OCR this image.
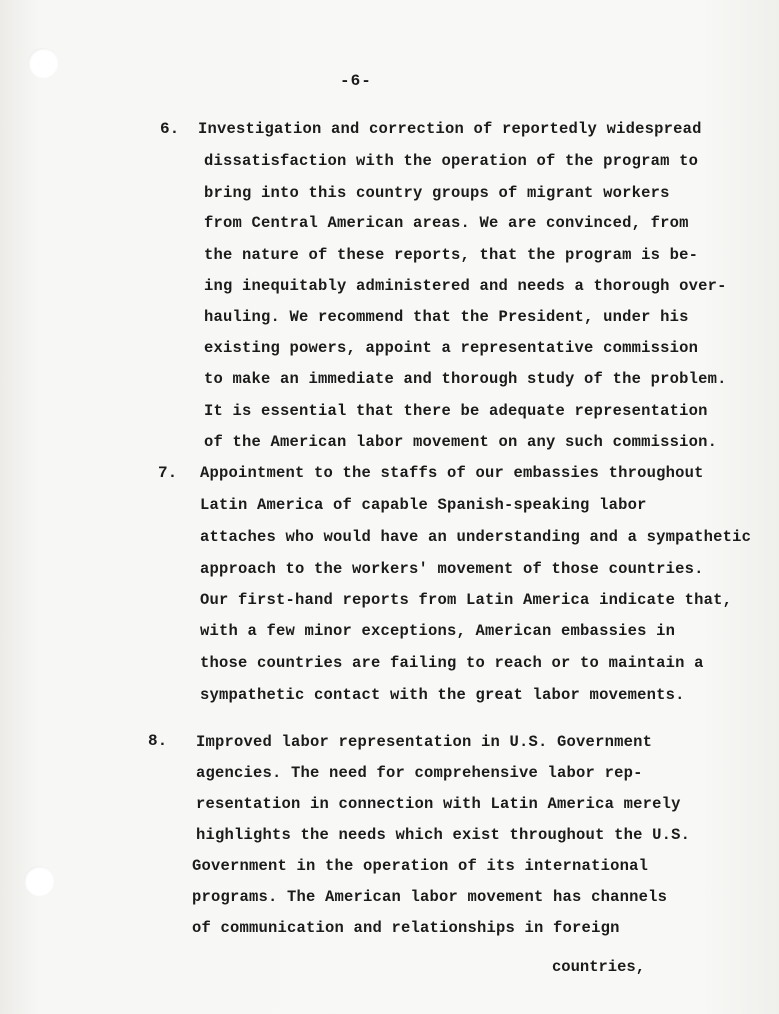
-6-
6. Investigation and correction of reportedly widespread
dissatisfaction with the operation of the program to
bring into this country groups of migrant workers
from Central American areas. We are convinced, from
the nature of these reports, that the program is be-
ing inequitably administered and needs a thorough over-
hauling. We recommend that the President, under his
existing powers, appoint a representative commission
to make an immediate and thorough study of the problem.
It is essential that there be adequate representation
of the American labor movement on any such commission.
7. Appointment to the staffs of our embassies throughout
Latin America of capable Spanish-speaking labor
attaches who would have an understanding and a sympathetic
approach to the workers' movement of those countries.
Our first-hand reports from Latin America indicate that,
with a few minor exceptions, American embassies in
those countries are failing to reach or to maintain a
sympathetic contact with the great labor movements.
8. Improved labor representation in U.S. Government
agencies. The need for comprehensive labor rep-
resentation in connection with Latin America merely
highlights the needs which exist throughout the U.S.
Government in the operation of its international
programs. The American labor movement has channels
of communication and relationships in foreign
countries,
